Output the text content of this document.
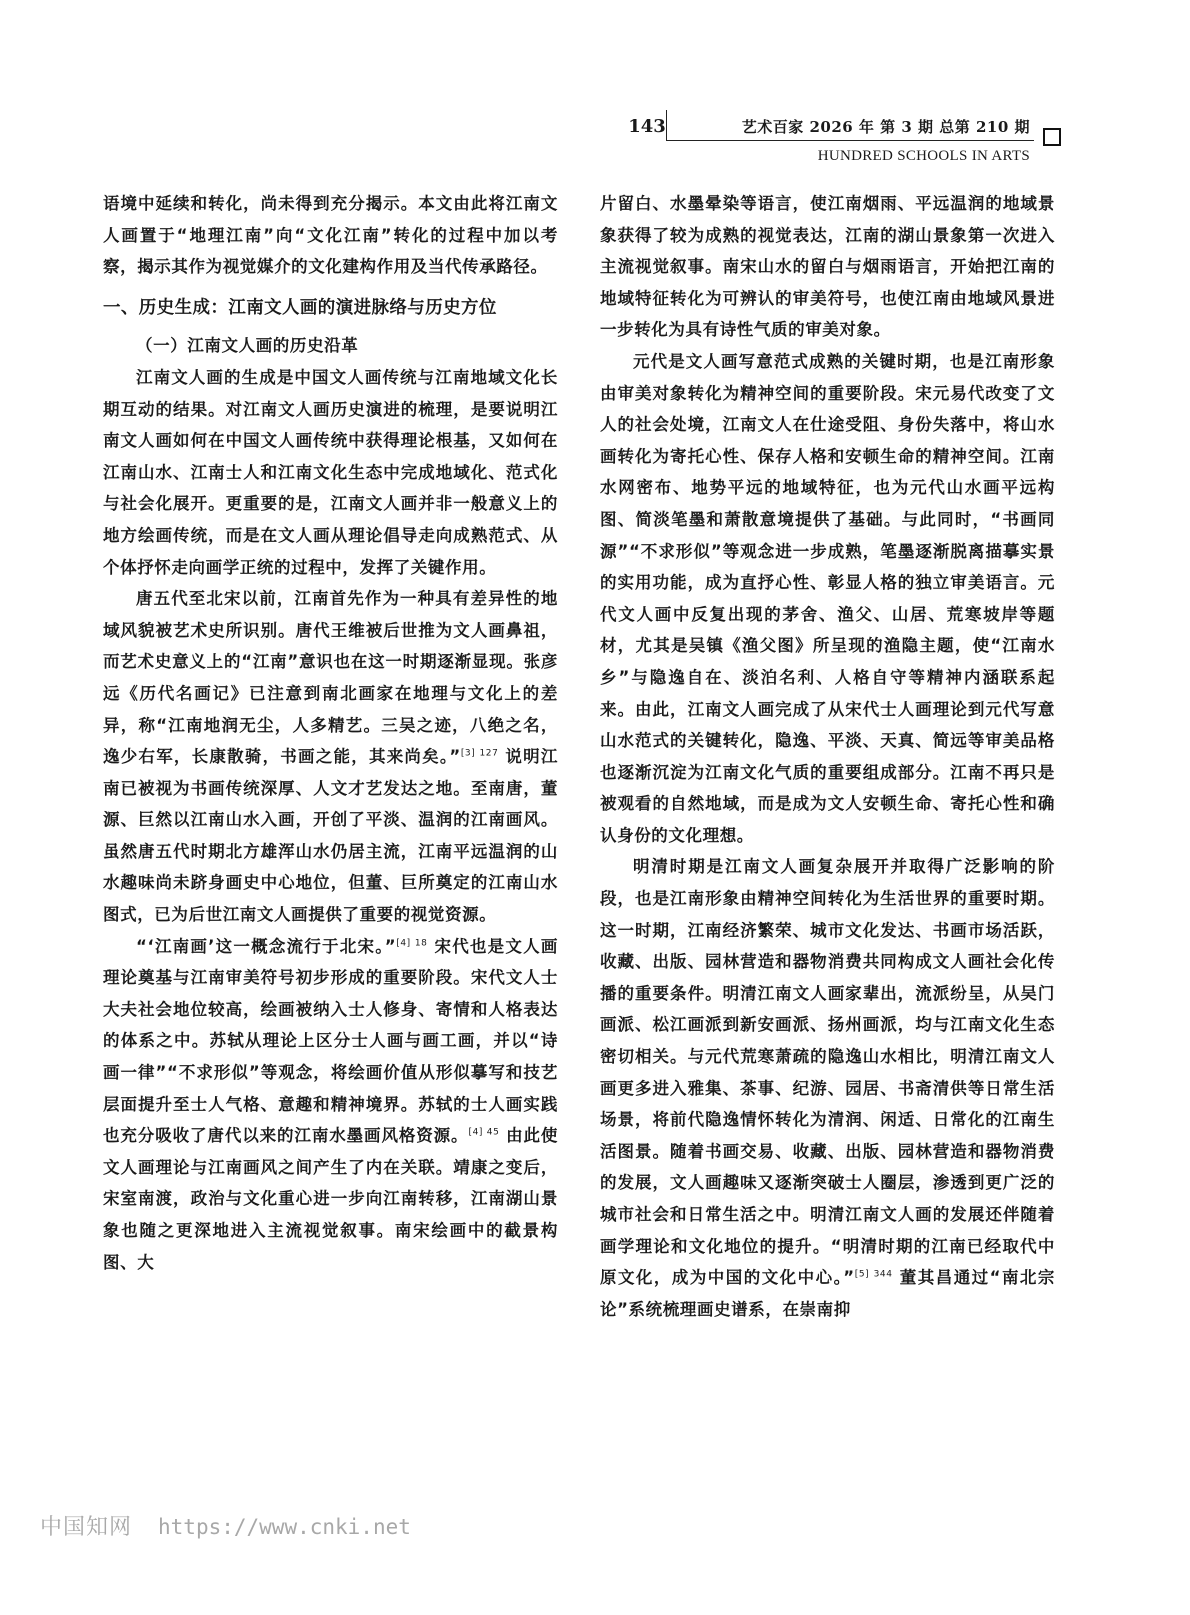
143	艺术百家 2026 年 第 3 期 总第 210 期
HUNDRED SCHOOLS IN ARTS

语境中延续和转化，尚未得到充分揭示。本文由此将江南文人画置于“地理江南”向“文化江南”转化的过程中加以考察，揭示其作为视觉媒介的文化建构作用及当代传承路径。

一、历史生成：江南文人画的演进脉络与历史方位

（一）江南文人画的历史沿革

江南文人画的生成是中国文人画传统与江南地域文化长期互动的结果。对江南文人画历史演进的梳理，是要说明江南文人画如何在中国文人画传统中获得理论根基，又如何在江南山水、江南士人和江南文化生态中完成地域化、范式化与社会化展开。更重要的是，江南文人画并非一般意义上的地方绘画传统，而是在文人画从理论倡导走向成熟范式、从个体抒怀走向画学正统的过程中，发挥了关键作用。

唐五代至北宋以前，江南首先作为一种具有差异性的地域风貌被艺术史所识别。唐代王维被后世推为文人画鼻祖，而艺术史意义上的“江南”意识也在这一时期逐渐显现。张彦远《历代名画记》已注意到南北画家在地理与文化上的差异，称“江南地润无尘，人多精艺。三吴之迹，八绝之名，逸少右军，长康散骑，书画之能，其来尚矣。”$^{[3] 127}$ 说明江南已被视为书画传统深厚、人文才艺发达之地。至南唐，董源、巨然以江南山水入画，开创了平淡、温润的江南画风。虽然唐五代时期北方雄浑山水仍居主流，江南平远温润的山水趣味尚未跻身画史中心地位，但董、巨所奠定的江南山水图式，已为后世江南文人画提供了重要的视觉资源。

“‘江南画’这一概念流行于北宋。”$^{[4] 18}$ 宋代也是文人画理论奠基与江南审美符号初步形成的重要阶段。宋代文人士大夫社会地位较高，绘画被纳入士人修身、寄情和人格表达的体系之中。苏轼从理论上区分士人画与画工画，并以“诗画一律”“不求形似”等观念，将绘画价值从形似摹写和技艺层面提升至士人气格、意趣和精神境界。苏轼的士人画实践也充分吸收了唐代以来的江南水墨画风格资源。$^{[4] 45}$ 由此使文人画理论与江南画风之间产生了内在关联。靖康之变后，宋室南渡，政治与文化重心进一步向江南转移，江南湖山景象也随之更深地进入主流视觉叙事。南宋绘画中的截景构图、大

片留白、水墨晕染等语言，使江南烟雨、平远温润的地域景象获得了较为成熟的视觉表达，江南的湖山景象第一次进入主流视觉叙事。南宋山水的留白与烟雨语言，开始把江南的地域特征转化为可辨认的审美符号，也使江南由地域风景进一步转化为具有诗性气质的审美对象。

元代是文人画写意范式成熟的关键时期，也是江南形象由审美对象转化为精神空间的重要阶段。宋元易代改变了文人的社会处境，江南文人在仕途受阻、身份失落中，将山水画转化为寄托心性、保存人格和安顿生命的精神空间。江南水网密布、地势平远的地域特征，也为元代山水画平远构图、简淡笔墨和萧散意境提供了基础。与此同时，“书画同源”“不求形似”等观念进一步成熟，笔墨逐渐脱离描摹实景的实用功能，成为直抒心性、彰显人格的独立审美语言。元代文人画中反复出现的茅舍、渔父、山居、荒寒坡岸等题材，尤其是吴镇《渔父图》所呈现的渔隐主题，使“江南水乡”与隐逸自在、淡泊名利、人格自守等精神内涵联系起来。由此，江南文人画完成了从宋代士人画理论到元代写意山水范式的关键转化，隐逸、平淡、天真、简远等审美品格也逐渐沉淀为江南文化气质的重要组成部分。江南不再只是被观看的自然地域，而是成为文人安顿生命、寄托心性和确认身份的文化理想。

明清时期是江南文人画复杂展开并取得广泛影响的阶段，也是江南形象由精神空间转化为生活世界的重要时期。这一时期，江南经济繁荣、城市文化发达、书画市场活跃，收藏、出版、园林营造和器物消费共同构成文人画社会化传播的重要条件。明清江南文人画家辈出，流派纷呈，从吴门画派、松江画派到新安画派、扬州画派，均与江南文化生态密切相关。与元代荒寒萧疏的隐逸山水相比，明清江南文人画更多进入雅集、茶事、纪游、园居、书斋清供等日常生活场景，将前代隐逸情怀转化为清润、闲适、日常化的江南生活图景。随着书画交易、收藏、出版、园林营造和器物消费的发展，文人画趣味又逐渐突破士人圈层，渗透到更广泛的城市社会和日常生活之中。明清江南文人画的发展还伴随着画学理论和文化地位的提升。“明清时期的江南已经取代中原文化，成为中国的文化中心。”$^{[5] 344}$ 董其昌通过“南北宗论”系统梳理画史谱系，在崇南抑

中国知网 https://www.cnki.net
